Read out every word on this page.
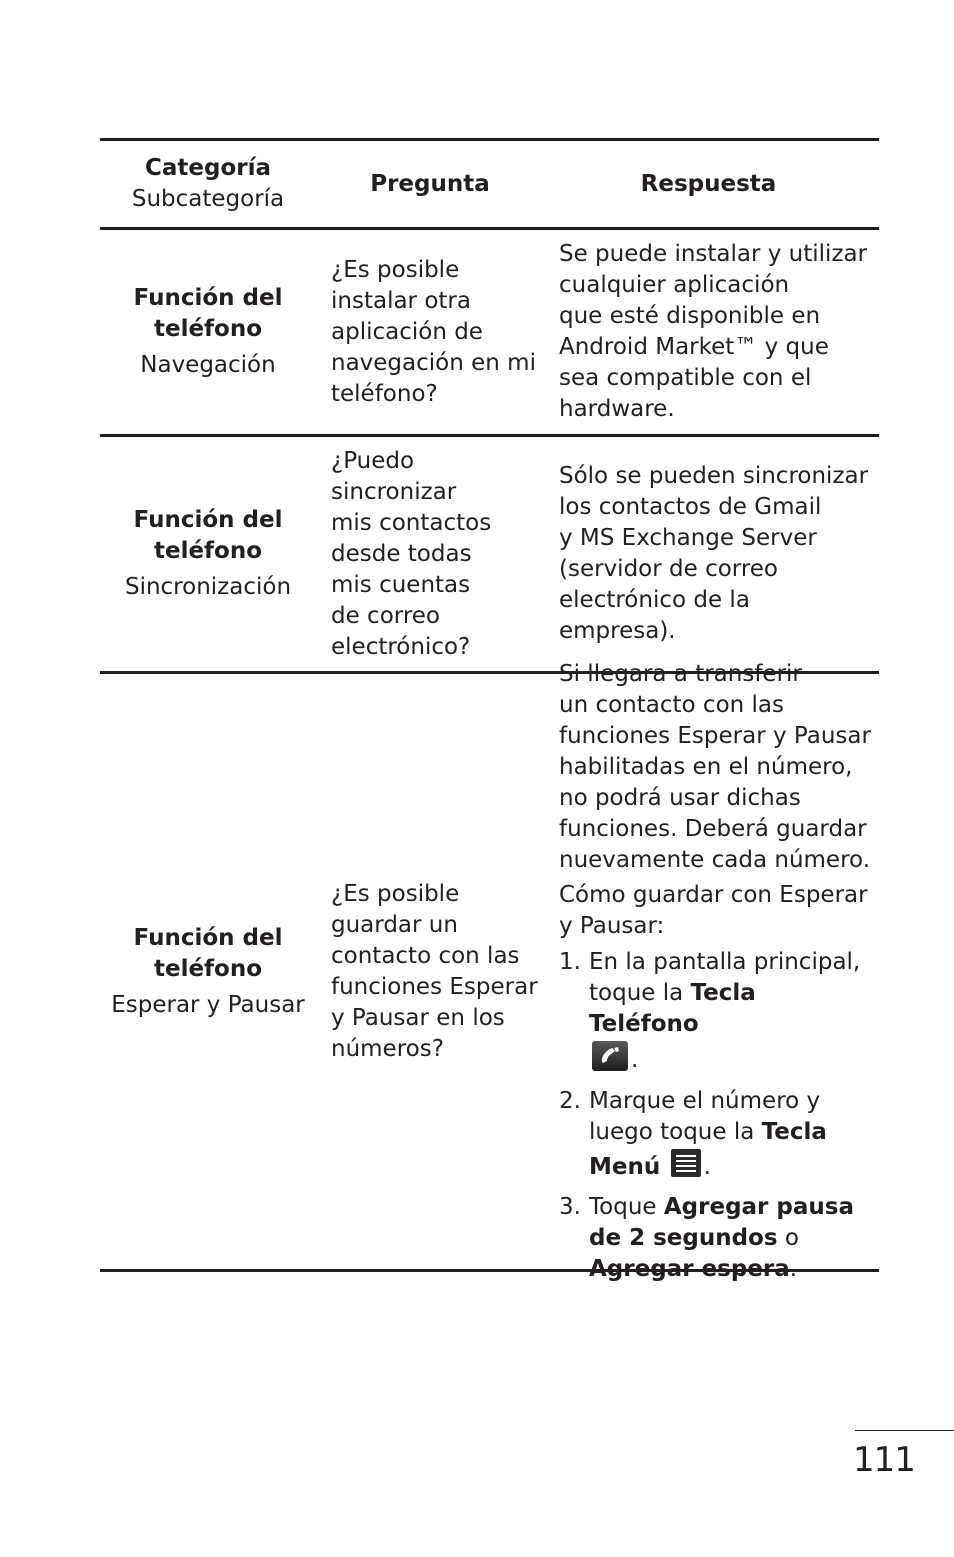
Categoría
Subcategoría
Pregunta	Respuesta
Función del
teléfono
Navegación
¿Es posible
instalar otra
aplicación de
navegación en mi
teléfono?
Se puede instalar y utilizar
cualquier aplicación
que esté disponible en
Android Market™ y que
sea compatible con el
hardware.
Función del
teléfono
Sincronización
¿Puedo
sincronizar
mis contactos
desde todas
mis cuentas
de correo
electrónico?
Sólo se pueden sincronizar
los contactos de Gmail
y MS Exchange Server
(servidor de correo
electrónico de la empresa).
Función del
teléfono
Esperar y Pausar
¿Es posible
guardar un
contacto con las
funciones Esperar
y Pausar en los
números?
Si llegara a transferir
un contacto con las
funciones Esperar y Pausar
habilitadas en el número,
no podrá usar dichas
funciones. Deberá guardar
nuevamente cada número.
Cómo guardar con Esperar
y Pausar:
1. En la pantalla principal, toque la Tecla Teléfono
.
2. Marque el número y luego toque la Tecla Menú .
3. Toque Agregar pausa de 2 segundos o Agregar espera.
111
